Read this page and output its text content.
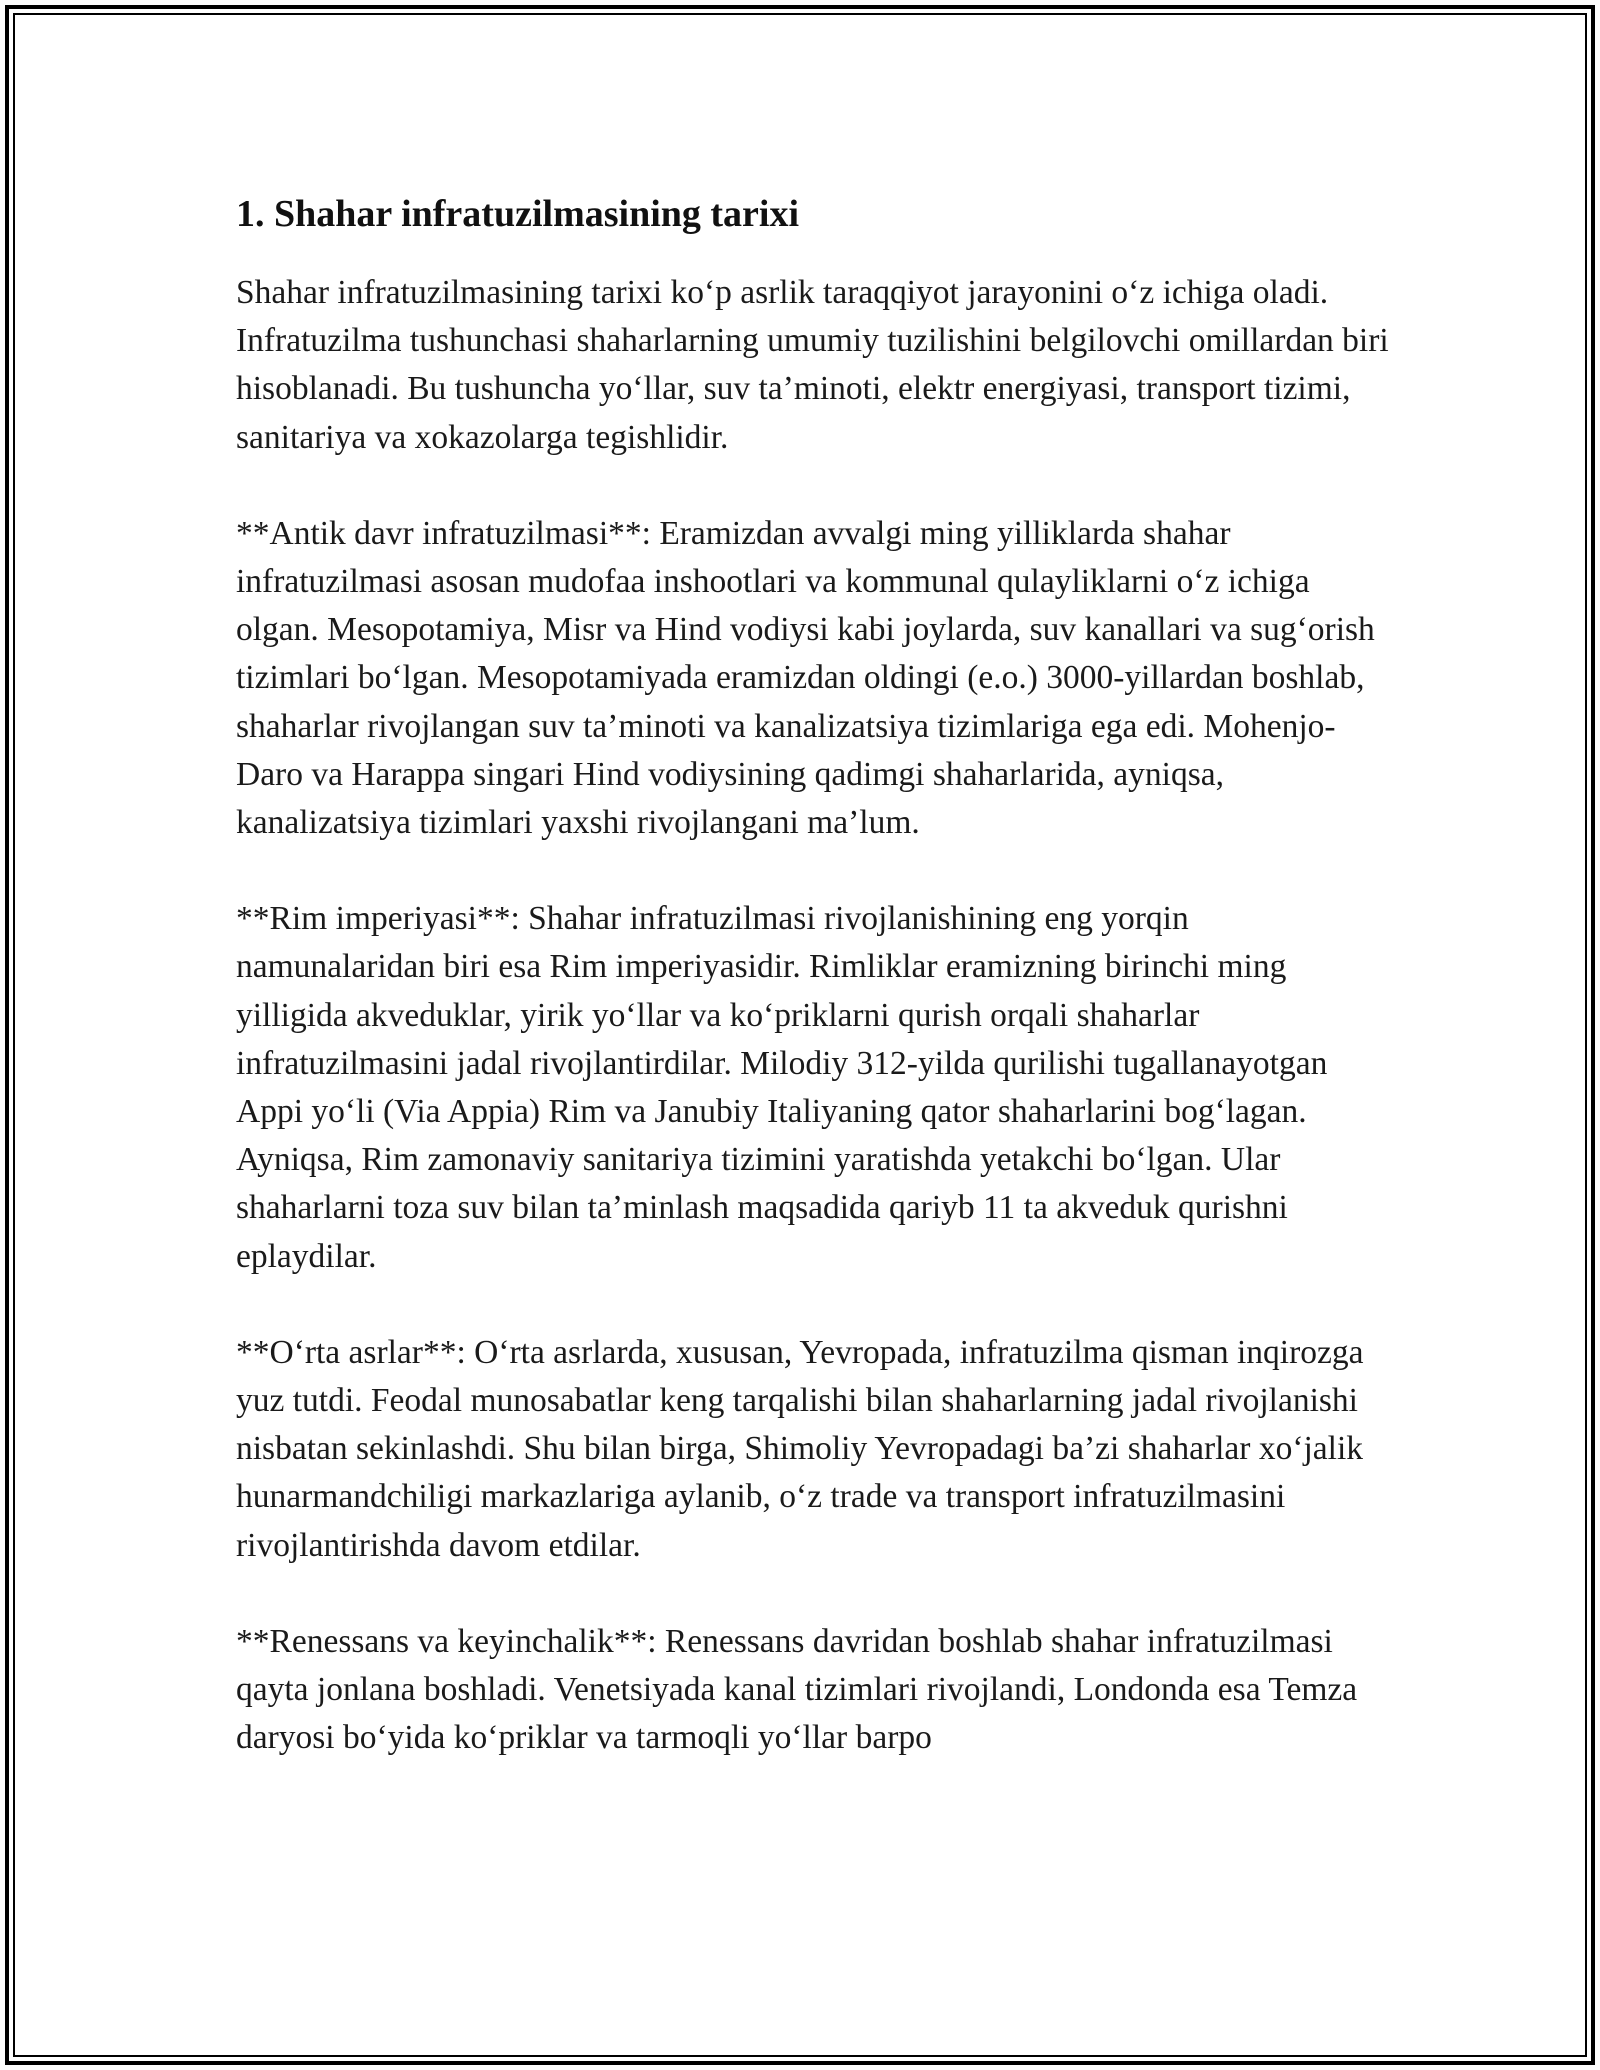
1. Shahar infratuzilmasining tarixi

Shahar infratuzilmasining tarixi ko‘p asrlik taraqqiyot jarayonini o‘z ichiga oladi. Infratuzilma tushunchasi shaharlarning umumiy tuzilishini belgilovchi omillardan biri hisoblanadi. Bu tushuncha yo‘llar, suv ta’minoti, elektr energiyasi, transport tizimi, sanitariya va xokazolarga tegishlidir.

**Antik davr infratuzilmasi**: Eramizdan avvalgi ming yilliklarda shahar infratuzilmasi asosan mudofaa inshootlari va kommunal qulayliklarni o‘z ichiga olgan. Mesopotamiya, Misr va Hind vodiysi kabi joylarda, suv kanallari va sug‘orish tizimlari bo‘lgan. Mesopotamiyada eramizdan oldingi (e.o.) 3000-yillardan boshlab, shaharlar rivojlangan suv ta’minoti va kanalizatsiya tizimlariga ega edi. Mohenjo-Daro va Harappa singari Hind vodiysining qadimgi shaharlarida, ayniqsa, kanalizatsiya tizimlari yaxshi rivojlangani ma’lum.

**Rim imperiyasi**: Shahar infratuzilmasi rivojlanishining eng yorqin namunalaridan biri esa Rim imperiyasidir. Rimliklar eramizning birinchi ming yilligida akveduklar, yirik yo‘llar va ko‘priklarni qurish orqali shaharlar infratuzilmasini jadal rivojlantirdilar. Milodiy 312-yilda qurilishi tugallanayotgan Appi yo‘li (Via Appia) Rim va Janubiy Italiyaning qator shaharlarini bog‘lagan. Ayniqsa, Rim zamonaviy sanitariya tizimini yaratishda yetakchi bo‘lgan. Ular shaharlarni toza suv bilan ta’minlash maqsadida qariyb 11 ta akveduk qurishni eplaydilar.

**O‘rta asrlar**: O‘rta asrlarda, xususan, Yevropada, infratuzilma qisman inqirozga yuz tutdi. Feodal munosabatlar keng tarqalishi bilan shaharlarning jadal rivojlanishi nisbatan sekinlashdi. Shu bilan birga, Shimoliy Yevropadagi ba’zi shaharlar xo‘jalik hunarmandchiligi markazlariga aylanib, o‘z trade va transport infratuzilmasini rivojlantirishda davom etdilar.

**Renessans va keyinchalik**: Renessans davridan boshlab shahar infratuzilmasi qayta jonlana boshladi. Venetsiyada kanal tizimlari rivojlandi, Londonda esa Temza daryosi bo‘yida ko‘priklar va tarmoqli yo‘llar barpo
